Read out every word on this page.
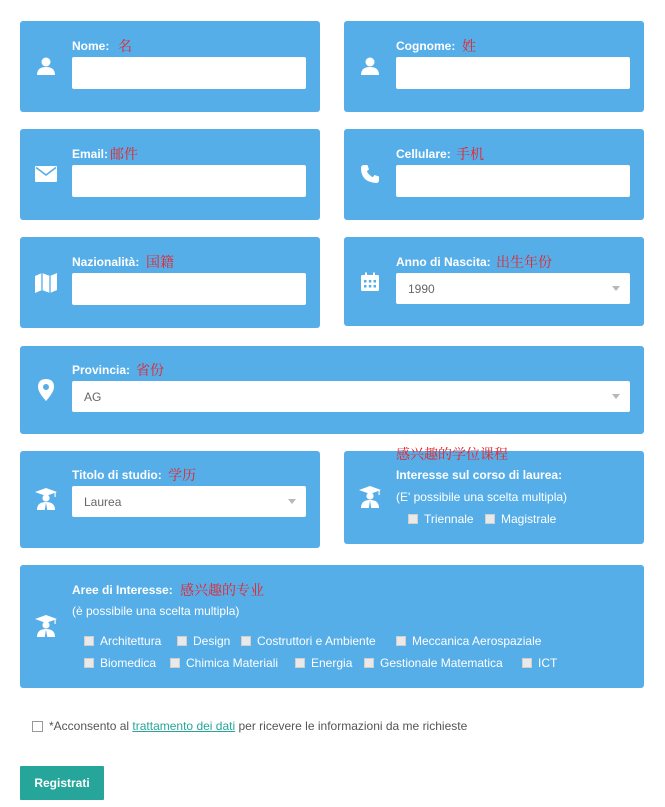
Nome: 名	Cognome: 姓
Email: 邮件	Cellulare: 手机
Nazionalità: 国籍	Anno di Nascita: 出生年份
1990
Provincia: 省份
AG
Titolo di studio: 学历
Laurea
感兴趣的学位课程
Interesse sul corso di laurea:
(E' possibile una scelta multipla)
Triennale Magistrale
Aree di Interesse: 感兴趣的专业
(è possibile una scelta multipla)
Architettura	Design Costruttori e Ambiente	Meccanica Aerospaziale
Biomedica Chimica Materiali	Energia Gestionale Matematica	ICT
*Acconsento al
trattamento dei dati
per ricevere le informazioni da me richieste
Registrati
